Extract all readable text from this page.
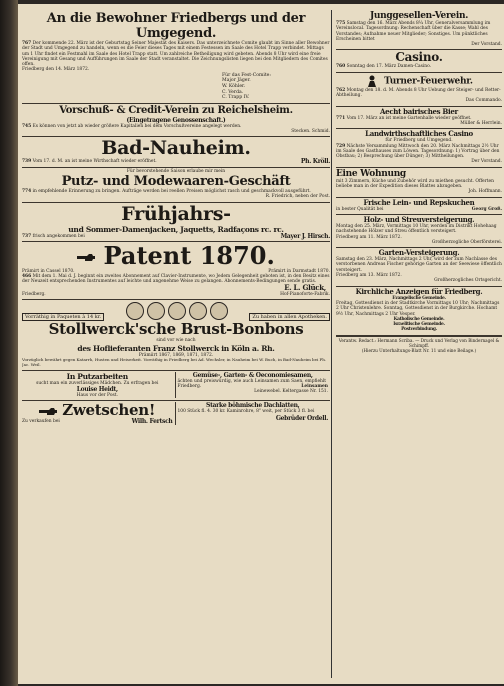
An die Bewohner Friedbergs und der Umgegend.
767 Der kommende 22. März ist der Geburtstag Seiner Majestät des Kaisers. Das unterzeichnete Comite glaubt im Sinne aller Bewohner der Stadt und Umgegend zu handeln, wenn es die Feier dieses Tages mit einem Festessen im Saale des Hotel Trapp verbindet. Mittags um 1 Uhr findet ein Festmahl im Saale des Hotel Trapp statt. Um zahlreiche Betheiligung wird gebeten. Abends 8 Uhr wird eine freie Vereinigung mit Gesang und Aufführungen im Saale der Stadt veranstaltet. Die Zeichnungslisten liegen bei den Mitgliedern des Comites offen.
Friedberg den 14. März 1872.
Für das Fest-Comite:
Major Jäger.
W. Köhler.
C. Verda.
C. Trapp IV.
Vorschuß- & Credit-Verein zu Reichelsheim.
(Eingetragene Genossenschaft.)
745 Es können von jetzt ab wieder größere Kapitalien bei dem Vorschußvereine angelegt werden.
Stecken. Schmid.
Bad-Nauheim.
739 Vom 17. d. M. an ist meine Wirthschaft wieder eröffnet.	Ph. Kröll.
Für bevorstehende Saison erlaube mir mein
Putz- und Modewaaren-Geschäft
774 in empfehlende Erinnerung zu bringen. Aufträge werden bei reellen Preisen möglichst rasch und geschmackvoll ausgeführt.
R. Friedrich, neben der Post.
Frühjahrs-
und Sommer-Damenjacken, Jaquetts, Radfaçons rc. rc.
737 frisch angekommen bei	Mayer J. Hirsch.
Patent 1870.
Prämirt in Cassel 1870.	Prämirt in Darmstadt 1870.
466 Mit dem 1. Mai d. J. beginnt ein zweites Abonnement auf Clavier-Instrumente, wo Jedem Gelegenheit geboten ist, in den Besitz eines der Neuzeit entsprechenden Instrumentes auf leichte und angenehme Weise zu gelangen. Abonnements-Bedingungen sende gratis.
Friedberg.
E. L. Glück,
Hof-Pianoforte-Fabrik.
Vorräthig in Paqueten à 14 kr.	Zu haben in allen Apotheken.
Stollwerck'sche Brust-Bonbons
sind vor wie nach
des Hoflieferanten Franz Stollwerck in Köln a. Rh.
Prämiirt 1867, 1869, 1871, 1872.
Vorzüglich bewährt gegen Katarrh, Husten und Heiserkeit. Vorräthig in Friedberg bei Ad. Wechsler, in Nauheim bei W. Buch, in Bad-Nauheim bei Ph. Jac. Weil.
In Putzarbeiten
sucht man ein zuverlässiges Mädchen. Zu erfragen bei
Louise Heidt,
Haus vor der Post.
Gemüse-, Garten- & Oeconomiesamen,
ächten und preiswürdig, wie auch Leinsamen zum Saen, empfiehlt
Friedberg.	Leinsamen
Leinewebel. Keltergasse Nr. 151.
Zwetschen!
Zu verkaufen bei	Wilh. Fertsch
Starke böhmische Dachlatten,
100 Stück fl. 4. 30 kr. Kaminrohre, 8" weit, per Stück 3 fl. bei
Gebrüder Ordell.
Junggesellen-Verein.
775 Samstag den 16. März Abends 8¼ Uhr, Generalversammlung im Vereinslocal. Tagesordnung: Rechenschaft über die Kasse; Wahl des Vorstandes; Aufnahme neuer Mitglieder; Sonstiges. Um pünktliches Erscheinen bittet
Der Vorstand.
Casino.
760 Sonntag den 17. März Damen-Casino.
Turner-Feuerwehr.
762 Montag den 18. d. M. Abends 8 Uhr Uebung der Steiger- und Retter-Abtheilung.
Das Commando.
Aecht bairisches Bier
771 Vom 17. März an ist meine Gartenhalle wieder geöffnet.
Müller & Herrlein.
Landwirthschaftliches Casino
für Friedberg und Umgegend.
729 Nächste Versammlung Mittwoch den 20. März Nachmittags 2½ Uhr im Saale des Gasthauses zum Löwen. Tagesordnung: 1) Vortrag über den Obstbau; 2) Besprechung über Dünger; 3) Mittheilungen.
Der Vorstand.
Eine Wohnung
mit 3 Zimmern, Küche und Zubehör wird zu miethen gesucht. Offerten beliebe man in der Expedition dieses Blattes abzugeben.
Joh. Hoffmann.
Frische Lein- und Repskuchen
in bester Qualität bei	Georg Groß.
Holz- und Streuversteigerung.
Montag den 25. März, Vormittags 10 Uhr, werden im Distrikt Hohehaag nachstehende Hölzer und Streu öffentlich versteigert.
Friedberg am 11. März 1872.
Großherzogliche Oberförsterei.
Garten-Versteigerung.
Samstag den 23. März, Nachmittags 2 Uhr, wird der zum Nachlasse des verstorbenen Andreas Fischer gehörige Garten an der Seewiese öffentlich versteigert.
Friedberg am 13. März 1872.
Großherzogliches Ortsgericht.
Kirchliche Anzeigen für Friedberg.
Evangelische Gemeinde.
Freitag, Gottesdienst in der Stadtkirche Vormittags 10 Uhr; Nachmittags 2 Uhr Christenlehre. Sonntag, Gottesdienst in der Burgkirche. Hochamt 9½ Uhr, Nachmittags 2 Uhr Vesper.
Katholische Gemeinde.
Israelitische Gemeinde.
Postverbindung.
Verantw. Redact.: Hermann Scriba. — Druck und Verlag von Bindernagel & Schimpff.
(Hierzu Unterhaltungs-Blatt Nr. 11 und eine Beilage.)
